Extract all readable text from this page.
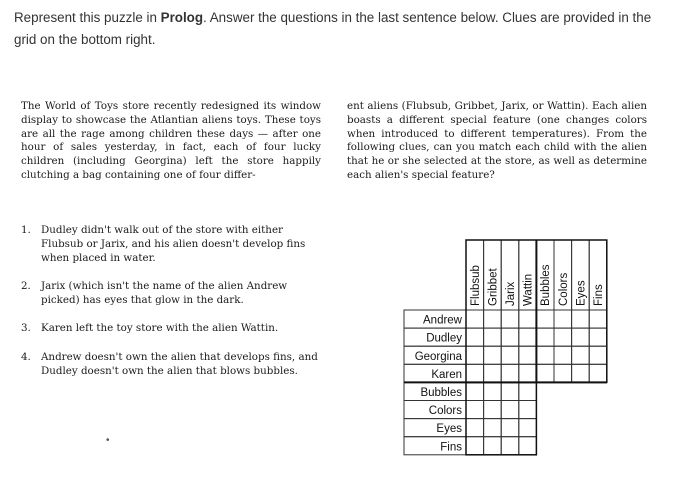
Represent this puzzle in Prolog. Answer the questions in the last sentence below. Clues are provided in the grid on the bottom right.
The World of Toys store recently redesigned its window display to showcase the Atlantian aliens toys. These toys are all the rage among children these days — after one hour of sales yesterday, in fact, each of four lucky children (including Georgina) left the store happily clutching a bag containing one of four differ-
ent aliens (Flubsub, Gribbet, Jarix, or Wattin). Each alien boasts a different special feature (one changes colors when introduced to different temperatures). From the following clues, can you match each child with the alien that he or she selected at the store, as well as determine each alien's special feature?
1. Dudley didn't walk out of the store with either Flubsub or Jarix, and his alien doesn't develop fins when placed in water.
2. Jarix (which isn't the name of the alien Andrew picked) has eyes that glow in the dark.
3. Karen left the toy store with the alien Wattin.
4. Andrew doesn't own the alien that develops fins, and Dudley doesn't own the alien that blows bubbles.
•
Flubsub Gribbet Jarix Wattin Bubbles Colors Eyes Fins
Andrew
Dudley
Georgina
Karen
Bubbles
Colors
Eyes
Fins
